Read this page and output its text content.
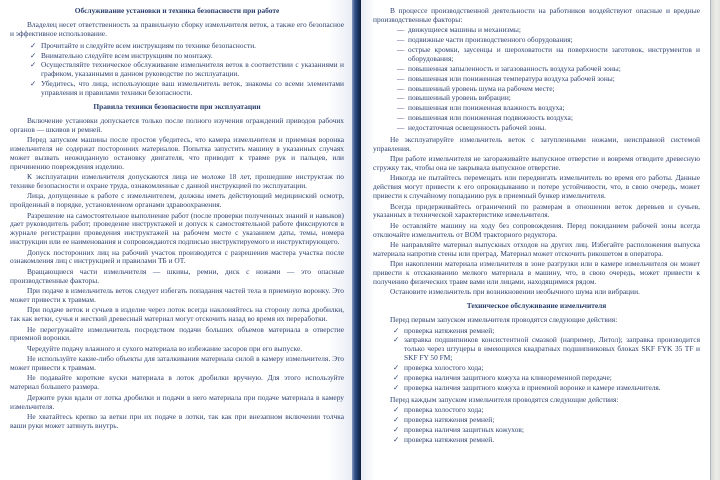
Обслуживание установки и техника безопасности при работе
Владелец несет ответственность за правильную сборку измельчителя веток, а также его безопасное и эффективное использование.
✓ Прочитайте и следуйте всем инструкциям по технике безопасности.
✓ Внимательно следуйте всем инструкциям по монтажу.
✓ Осуществляйте техническое обслуживание измельчителя веток в соответствии с указаниями и графиком, указанными в данном руководстве по эксплуатации.
✓ Убедитесь, что лица, использующие ваш измельчитель веток, знакомы со всеми элементами управления и правилами техники безопасности.
Правила техники безопасности при эксплуатации
Включение установки допускается только после полного изучения ограждений приводов рабочих органов — шкивов и ремней.
Перед запуском машины после простоя убедитесь, что камера измельчителя и приемная воронка измельчителя не содержат посторонних материалов. Попытка запустить машину в указанных случаях может вызвать неожиданную остановку двигателя, что приводит к травме рук и пальцев, или причинению повреждения изделию.
К эксплуатации измельчителя допускаются лица не моложе 18 лет, прошедшие инструктаж по технике безопасности и охране труда, ознакомленные с данной инструкцией по эксплуатации.
Лица, допущенные к работе с измельчителем, должны иметь действующий медицинский осмотр, пройденный в порядке, установленном органами здравоохранения.
Разрешение на самостоятельное выполнение работ (после проверки полученных знаний и навыков) дает руководитель работ; проведение инструктажей и допуск к самостоятельной работе фиксируются в журнале регистрации проведения инструктажей на рабочем месте с указанием даты, темы, номера инструкции или ее наименования и сопровождаются подписью инструктируемого и инструктирующего.
Допуск посторонних лиц на рабочий участок производится с разрешения мастера участка после ознакомления лиц с инструкцией и правилами ТБ и ОТ.
Вращающиеся части измельчителя — шкивы, ремни, диск с ножами — это опасные производственные факторы.
При подаче в измельчитель веток следует избегать попадания частей тела в приемную воронку. Это может привести к травмам.
При подаче веток и сучьев в изделие через лоток всегда наклоняйтесь на сторону лотка дробилки, так как ветки, сучья и жесткий древесный материал могут отскочить назад во время их переработки.
Не перегружайте измельчитель посредством подачи больших объемов материала в отверстие приемной воронки.
Чередуйте подачу влажного и сухого материала во избежание засоров при его выпуске.
Не используйте какие-либо объекты для заталкивания материала силой в камеру измельчителя. Это может привести к травмам.
Не подавайте короткие куски материала в лоток дробилки вручную. Для этого используйте материал большего размера.
Держите руки вдали от лотка дробилки и подачи в него материала при подаче материала в камеру измельчителя.
Не хватайтесь крепко за ветки при их подаче в лотки, так как при внезапном включении толчка ваши руки может затянуть внутрь.
В процессе производственной деятельности на работников воздействуют опасные и вредные производственные факторы:
— движущиеся машины и механизмы;
— подвижные части производственного оборудования;
— острые кромки, заусенцы и шероховатости на поверхности заготовок, инструментов и оборудования;
— повышенная запыленность и загазованность воздуха рабочей зоны;
— повышенная или пониженная температура воздуха рабочей зоны;
— повышенный уровень шума на рабочем месте;
— повышенный уровень вибрации;
— повышенная или пониженная влажность воздуха;
— повышенная или пониженная подвижность воздуха;
— недостаточная освещенность рабочей зоны.
Не эксплуатируйте измельчитель веток с затупленными ножами, неисправной системой управления.
При работе измельчителя не загораживайте выпускное отверстие и вовремя отводите древесную стружку так, чтобы она не закрывала выпускное отверстие.
Никогда не пытайтесь перемещать или передвигать измельчитель во время его работы. Данные действия могут привести к его опрокидыванию и потере устойчивости, что, в свою очередь, может привести к случайному попаданию рук в приемный бункер измельчителя.
Всегда придерживайтесь ограничений по размерам в отношении веток деревьев и сучьев, указанных в технической характеристике измельчителя.
Не оставляйте машину на ходу без сопровождения. Перед покиданием рабочей зоны всегда отключайте измельчитель от ВОМ тракторного редуктора.
Не направляйте материал выпускных отходов на других лиц. Избегайте расположения выпуска материала напротив стены или преград. Материал может отскочить рикошетом в оператора.
При накоплении материала измельчителя в зоне разгрузки или в камере измельчителя он может привести к отскакиванию мелкого материала в машину, что, в свою очередь, может привести к получению физических травм вами или лицами, находящимися рядом.
Остановите измельчитель при возникновении необычного шума или вибрации.
Техническое обслуживание измельчителя
Перед первым запуском измельчителя проводятся следующие действия:
✓ проверка натяжения ремней;
✓ заправка подшипников консистентной смазкой (например, Литол); заправка производится только через штуцеры в имеющихся квадратных подшипниковых блоках SKF FYK 35 TF и SKF FY 50 FM;
✓ проверка холостого хода;
✓ проверка наличия защитного кожуха на клиноременной передаче;
✓ проверка наличия защитного кожуха в приемной воронке и камере измельчителя.
Перед каждым запуском измельчителя проводятся следующие действия:
✓ проверка холостого хода;
✓ проверка натяжения ремней;
✓ проверка наличия защитных кожухов;
✓ проверка натяжения ремней.
